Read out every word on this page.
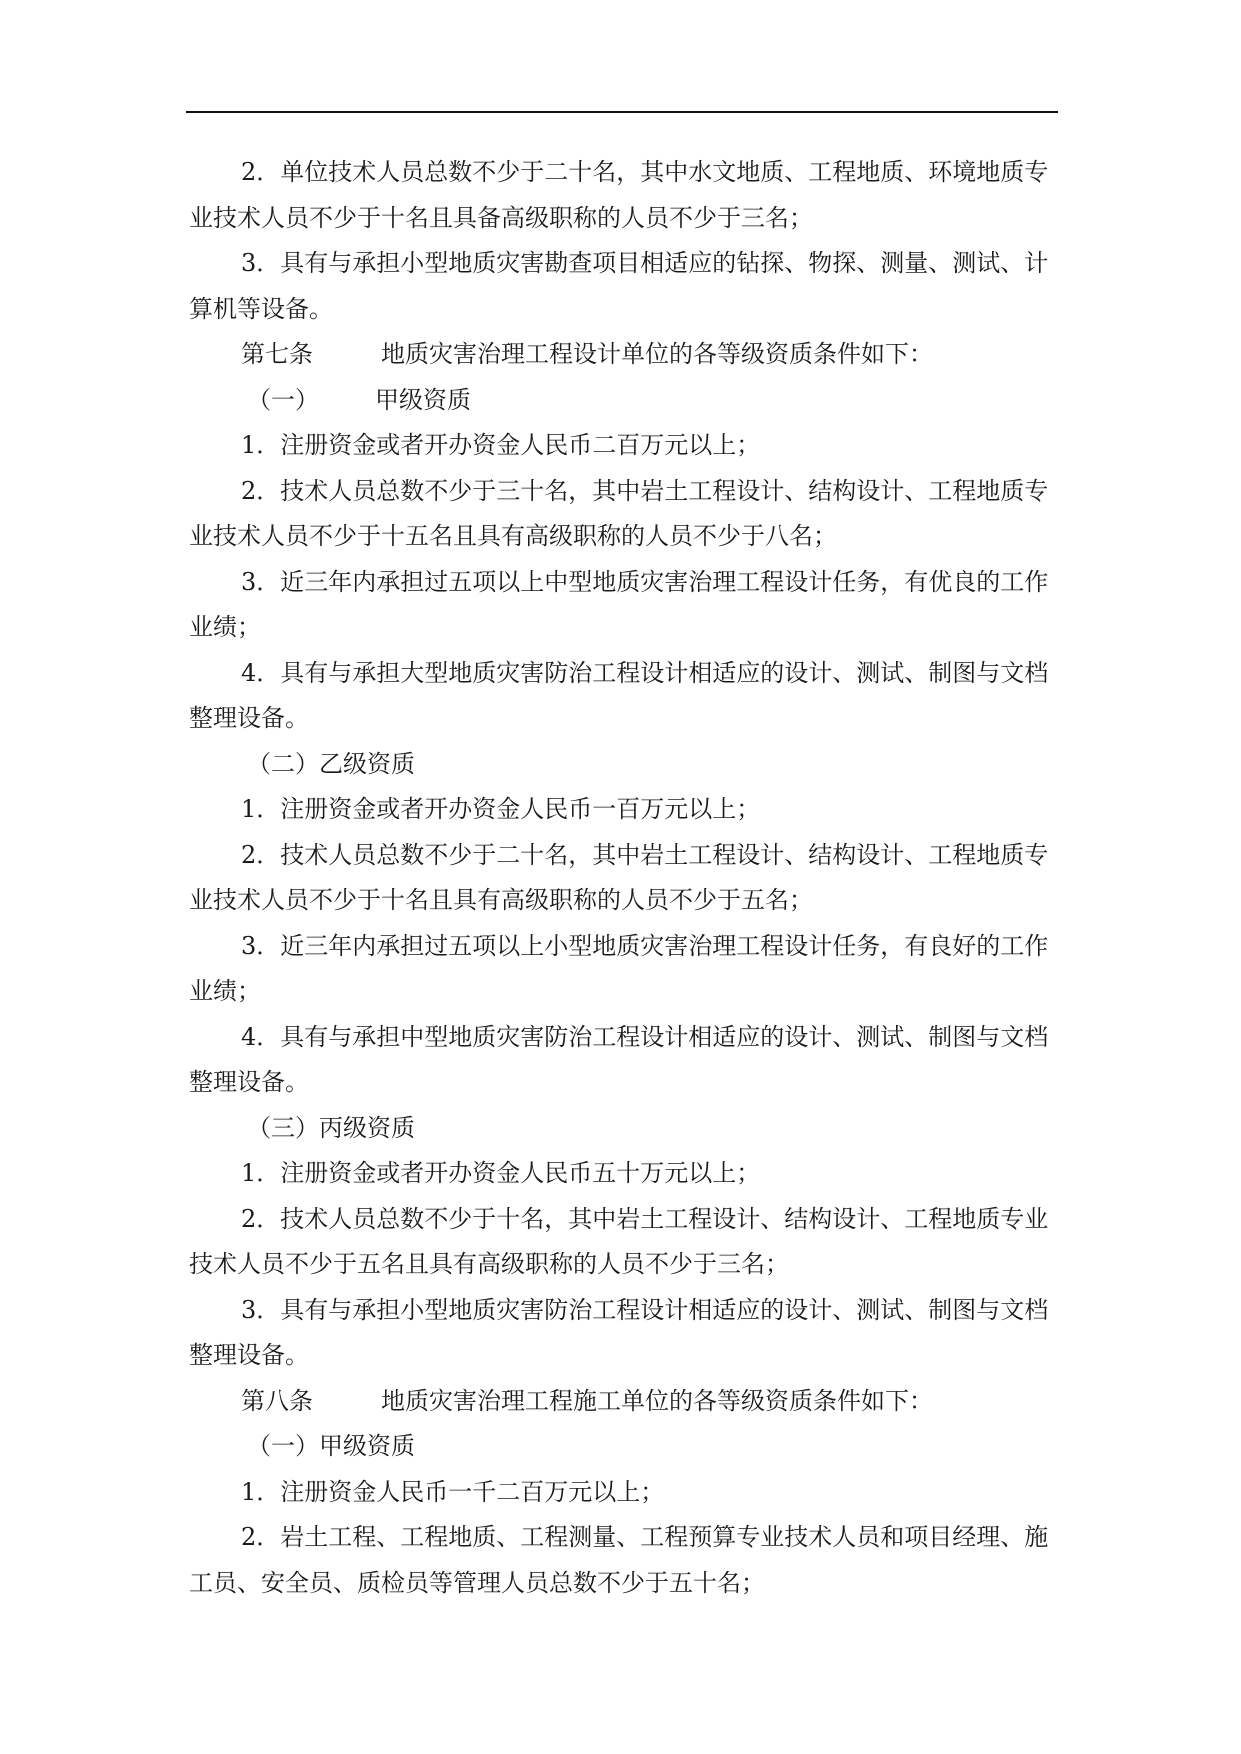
2．单位技术人员总数不少于二十名，其中水文地质、工程地质、环境地质专业技术人员不少于十名且具备高级职称的人员不少于三名；

3．具有与承担小型地质灾害勘查项目相适应的钻探、物探、测量、测试、计算机等设备。

第七条	地质灾害治理工程设计单位的各等级资质条件如下：

（一） 甲级资质

1．注册资金或者开办资金人民币二百万元以上；

2．技术人员总数不少于三十名，其中岩土工程设计、结构设计、工程地质专业技术人员不少于十五名且具有高级职称的人员不少于八名；

3．近三年内承担过五项以上中型地质灾害治理工程设计任务，有优良的工作业绩；

4．具有与承担大型地质灾害防治工程设计相适应的设计、测试、制图与文档整理设备。

（二）乙级资质

1．注册资金或者开办资金人民币一百万元以上；

2．技术人员总数不少于二十名，其中岩土工程设计、结构设计、工程地质专业技术人员不少于十名且具有高级职称的人员不少于五名；

3．近三年内承担过五项以上小型地质灾害治理工程设计任务，有良好的工作业绩；

4．具有与承担中型地质灾害防治工程设计相适应的设计、测试、制图与文档整理设备。

（三）丙级资质

1．注册资金或者开办资金人民币五十万元以上；

2．技术人员总数不少于十名，其中岩土工程设计、结构设计、工程地质专业技术人员不少于五名且具有高级职称的人员不少于三名；

3．具有与承担小型地质灾害防治工程设计相适应的设计、测试、制图与文档整理设备。

第八条	地质灾害治理工程施工单位的各等级资质条件如下：

（一）甲级资质

1．注册资金人民币一千二百万元以上；

2．岩土工程、工程地质、工程测量、工程预算专业技术人员和项目经理、施工员、安全员、质检员等管理人员总数不少于五十名；
